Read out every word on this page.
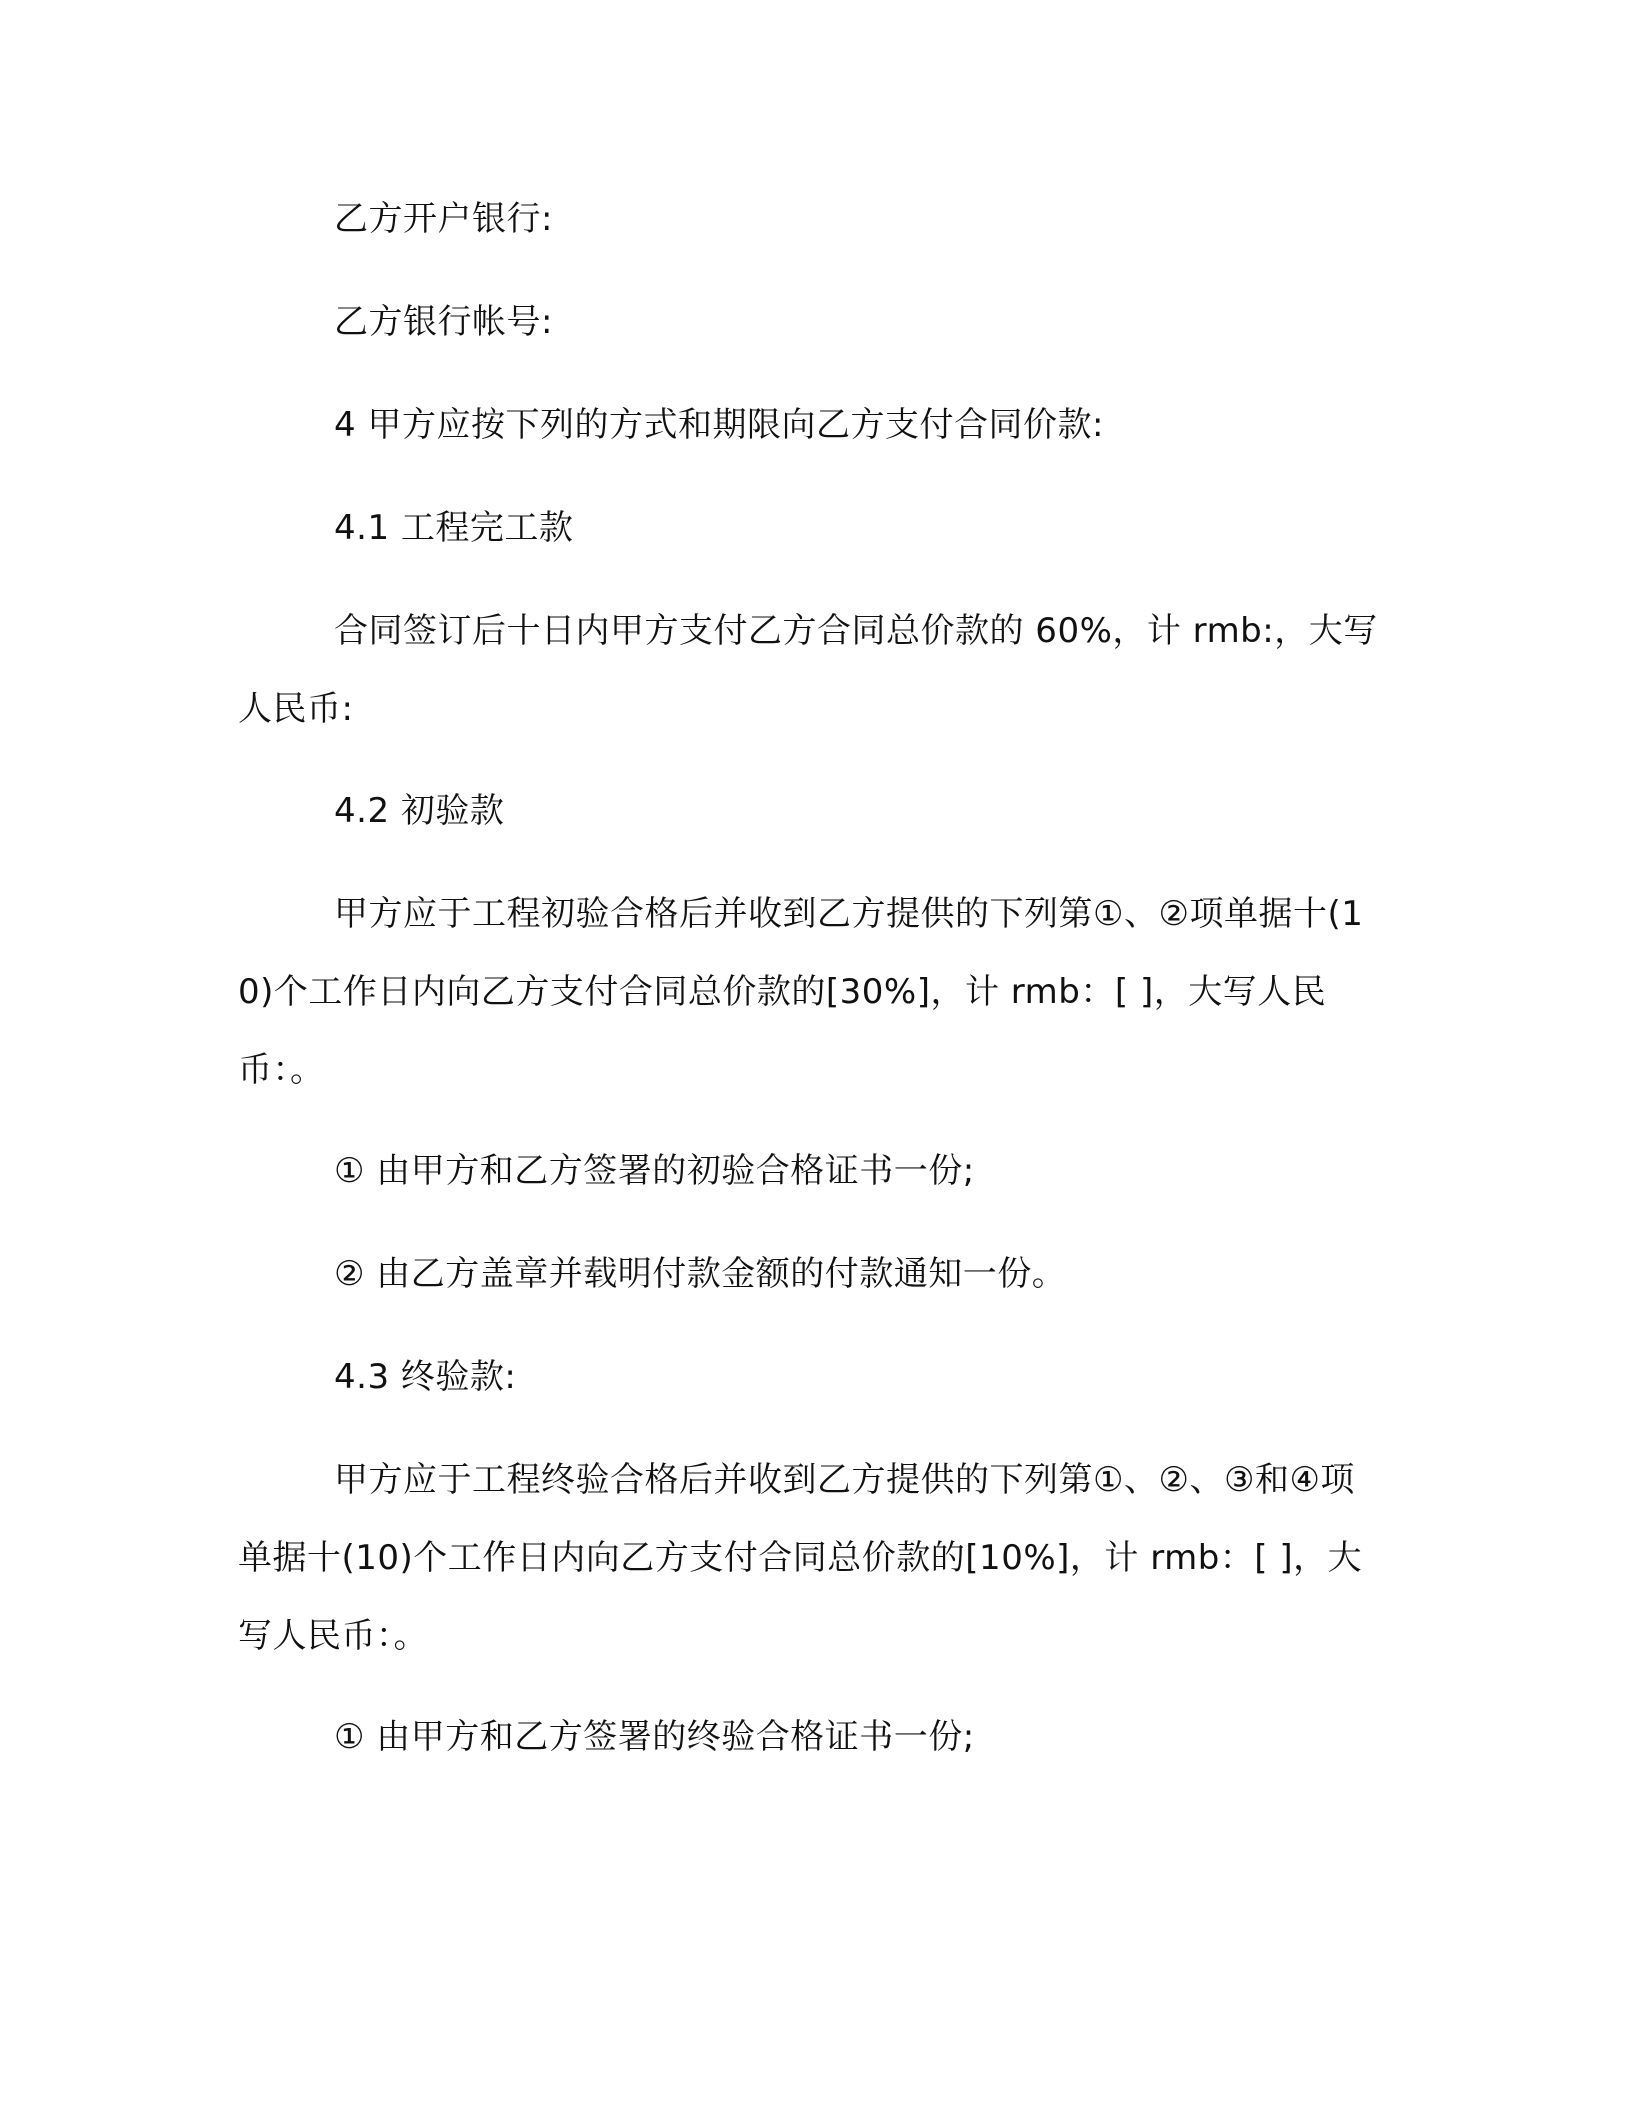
乙方开户银行:
乙方银行帐号:
4 甲方应按下列的方式和期限向乙方支付合同价款:
4.1 工程完工款
合同签订后十日内甲方支付乙方合同总价款的 60%，计 rmb:，大写人民币:
4.2 初验款
甲方应于工程初验合格后并收到乙方提供的下列第①、②项单据十(10)个工作日内向乙方支付合同总价款的[30%]，计 rmb：[ ]，大写人民币：。
① 由甲方和乙方签署的初验合格证书一份;
② 由乙方盖章并载明付款金额的付款通知一份。
4.3 终验款:
甲方应于工程终验合格后并收到乙方提供的下列第①、②、③和④项单据十(10)个工作日内向乙方支付合同总价款的[10%]，计 rmb：[ ]，大写人民币：。
① 由甲方和乙方签署的终验合格证书一份;
